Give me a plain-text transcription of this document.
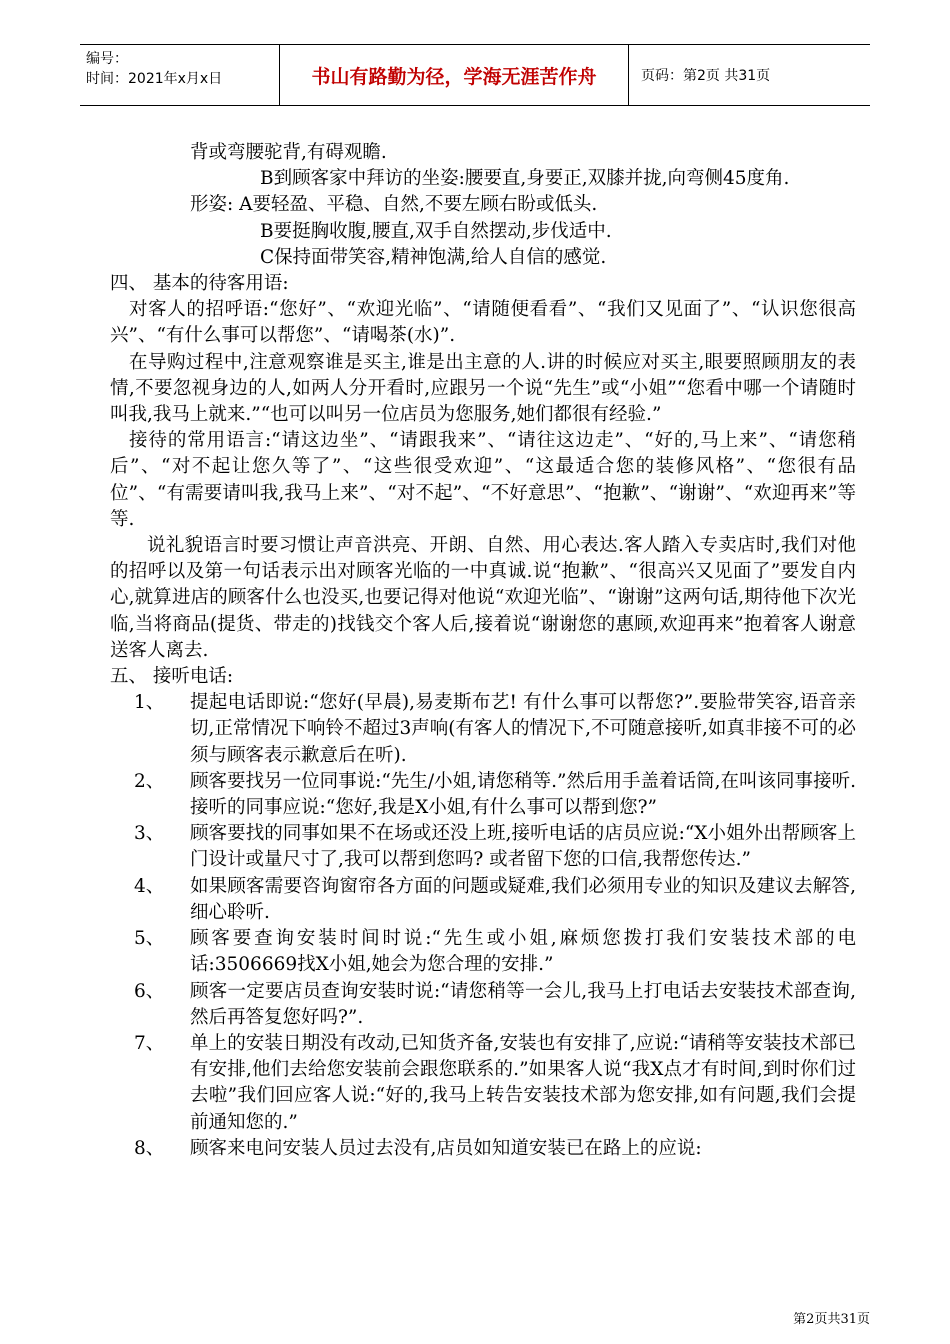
编号：
时间：2021年x月x日	书山有路勤为径，学海无涯苦作舟	页码：第2页 共31页

背或弯腰驼背,有碍观瞻.

B到顾客家中拜访的坐姿:腰要直,身要正,双膝并拢,向弯侧45度角.

形姿: A要轻盈、平稳、自然,不要左顾右盼或低头.

B要挺胸收腹,腰直,双手自然摆动,步伐适中.

C保持面带笑容,精神饱满,给人自信的感觉.

四、 基本的待客用语:

对客人的招呼语:“您好”、“欢迎光临”、“请随便看看”、“我们又见面了”、“认识您很高兴”、“有什么事可以帮您”、“请喝茶(水)”.

在导购过程中,注意观察谁是买主,谁是出主意的人.讲的时候应对买主,眼要照顾朋友的表情,不要忽视身边的人,如两人分开看时,应跟另一个说“先生”或“小姐”“您看中哪一个请随时叫我,我马上就来.”“也可以叫另一位店员为您服务,她们都很有经验.”

接待的常用语言:“请这边坐”、“请跟我来”、“请往这边走”、“好的,马上来”、“请您稍后”、“对不起让您久等了”、“这些很受欢迎”、“这最适合您的装修风格”、“您很有品位”、“有需要请叫我,我马上来”、“对不起”、“不好意思”、“抱歉”、“谢谢”、“欢迎再来”等等.

说礼貌语言时要习惯让声音洪亮、开朗、自然、用心表达.客人踏入专卖店时,我们对他的招呼以及第一句话表示出对顾客光临的一中真诚.说“抱歉”、“很高兴又见面了”要发自内心,就算进店的顾客什么也没买,也要记得对他说“欢迎光临”、“谢谢”这两句话,期待他下次光临,当将商品(提货、带走的)找钱交个客人后,接着说“谢谢您的惠顾,欢迎再来”抱着客人谢意送客人离去.

五、 接听电话:

1、	提起电话即说:“您好(早晨),易麦斯布艺! 有什么事可以帮您?”.要脸带笑容,语音亲切,正常情况下响铃不超过3声响(有客人的情况下,不可随意接听,如真非接不可的必须与顾客表示歉意后在听).
2、	顾客要找另一位同事说:“先生/小姐,请您稍等.”然后用手盖着话筒,在叫该同事接听.接听的同事应说:“您好,我是X小姐,有什么事可以帮到您?”
3、	顾客要找的同事如果不在场或还没上班,接听电话的店员应说:“X小姐外出帮顾客上门设计或量尺寸了,我可以帮到您吗? 或者留下您的口信,我帮您传达.”
4、	如果顾客需要咨询窗帘各方面的问题或疑难,我们必须用专业的知识及建议去解答,细心聆听.
5、	顾客要查询安装时间时说:“先生或小姐,麻烦您拨打我们安装技术部的电话:3506669找X小姐,她会为您合理的安排.”
6、	顾客一定要店员查询安装时说:“请您稍等一会儿,我马上打电话去安装技术部查询,然后再答复您好吗?”.
7、	单上的安装日期没有改动,已知货齐备,安装也有安排了,应说:“请稍等安装技术部已有安排,他们去给您安装前会跟您联系的.”如果客人说“我X点才有时间,到时你们过去啦”我们回应客人说:“好的,我马上转告安装技术部为您安排,如有问题,我们会提前通知您的.”
8、	顾客来电问安装人员过去没有,店员如知道安装已在路上的应说:
第2页共31页
